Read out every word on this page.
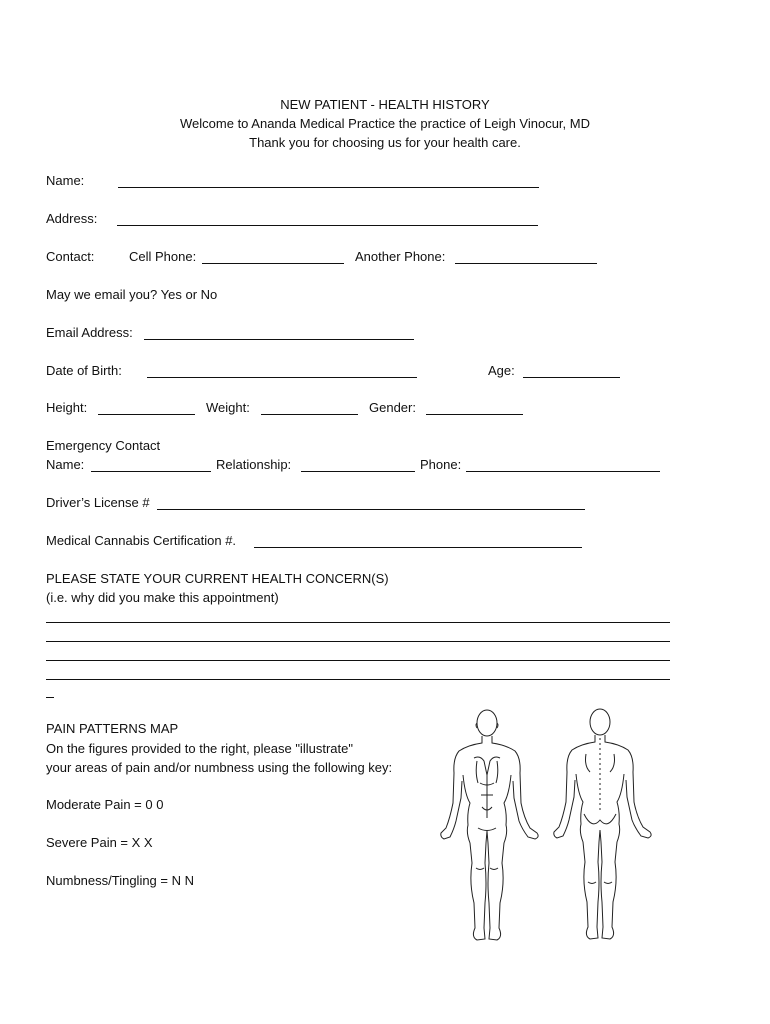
NEW PATIENT - HEALTH HISTORY
Welcome to Ananda Medical Practice the practice of Leigh Vinocur, MD
Thank you for choosing us for your health care.
Name:
Address:
Contact:	Cell Phone:	Another Phone:
May we email you? Yes or No
Email Address:
Date of Birth:	Age:
Height:	Weight:	Gender:
Emergency Contact
Name:	Relationship:	Phone:
Driver’s License #
Medical Cannabis Certification #.
PLEASE STATE YOUR CURRENT HEALTH CONCERN(S)
(i.e. why did you make this appointment)
PAIN PATTERNS MAP
On the figures provided to the right, please "illustrate"
your areas of pain and/or numbness using the following key:
Moderate Pain = 0 0
Severe Pain = X X
Numbness/Tingling = N N
